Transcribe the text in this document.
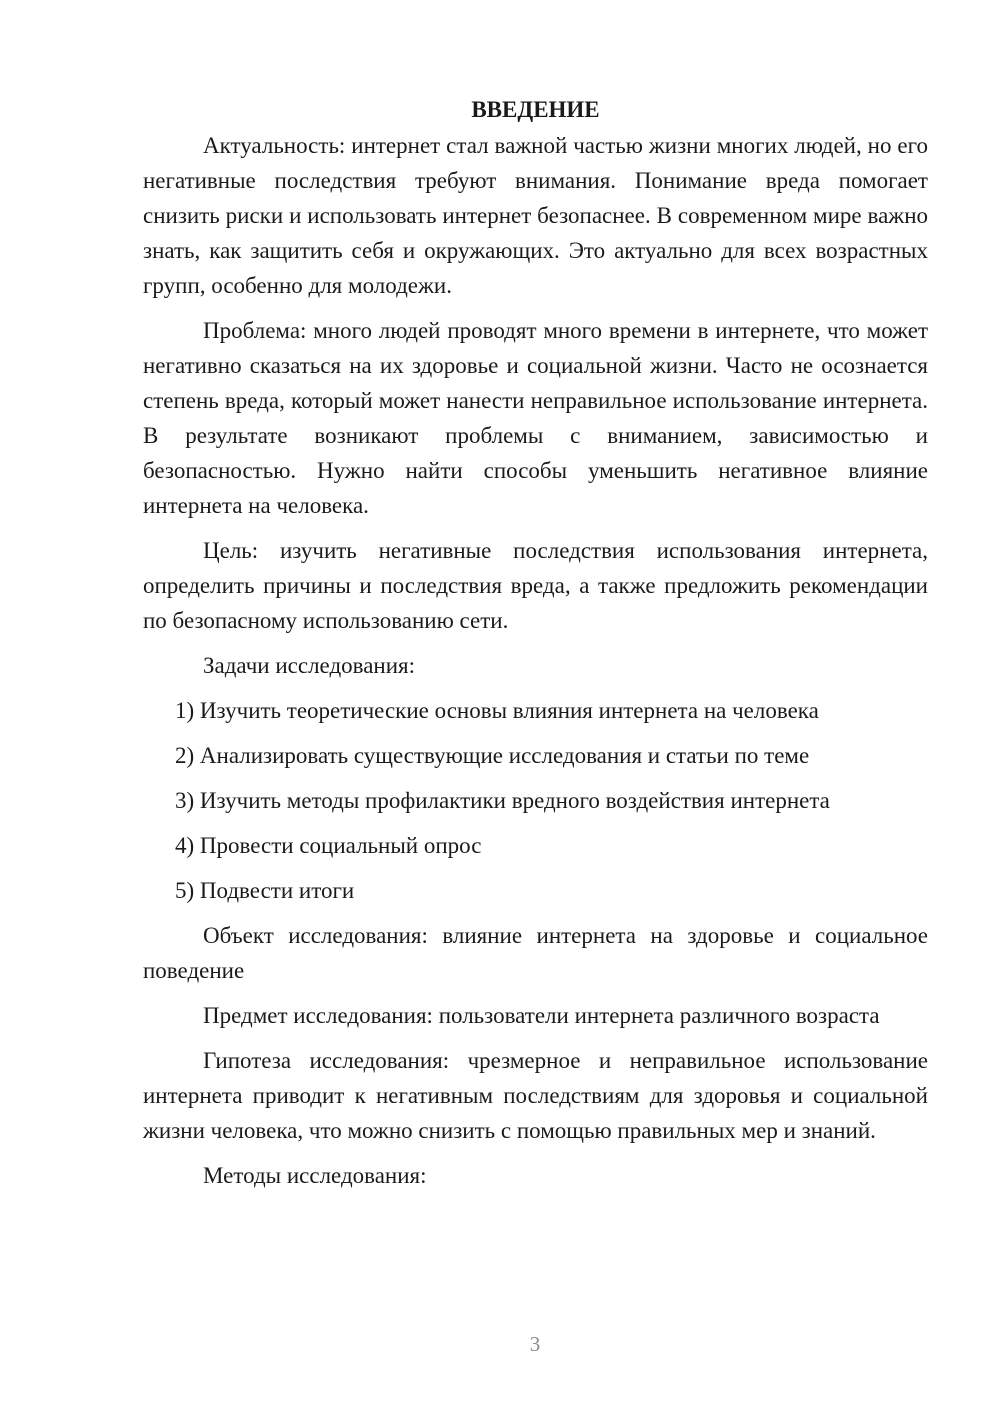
ВВЕДЕНИЕ

Актуальность: интернет стал важной частью жизни многих людей, но его негативные последствия требуют внимания. Понимание вреда помогает снизить риски и использовать интернет безопаснее. В современном мире важно знать, как защитить себя и окружающих. Это актуально для всех возрастных групп, особенно для молодежи.

Проблема: много людей проводят много времени в интернете, что может негативно сказаться на их здоровье и социальной жизни. Часто не осознается степень вреда, который может нанести неправильное использование интернета. В результате возникают проблемы с вниманием, зависимостью и безопасностью. Нужно найти способы уменьшить негативное влияние интернета на человека.

Цель: изучить негативные последствия использования интернета, определить причины и последствия вреда, а также предложить рекомендации по безопасному использованию сети.

Задачи исследования:

1) Изучить теоретические основы влияния интернета на человека
2) Анализировать существующие исследования и статьи по теме
3) Изучить методы профилактики вредного воздействия интернета
4) Провести социальный опрос
5) Подвести итоги

Объект исследования: влияние интернета на здоровье и социальное поведение

Предмет исследования: пользователи интернета различного возраста

Гипотеза исследования: чрезмерное и неправильное использование интернета приводит к негативным последствиям для здоровья и социальной жизни человека, что можно снизить с помощью правильных мер и знаний.

Методы исследования:

3
